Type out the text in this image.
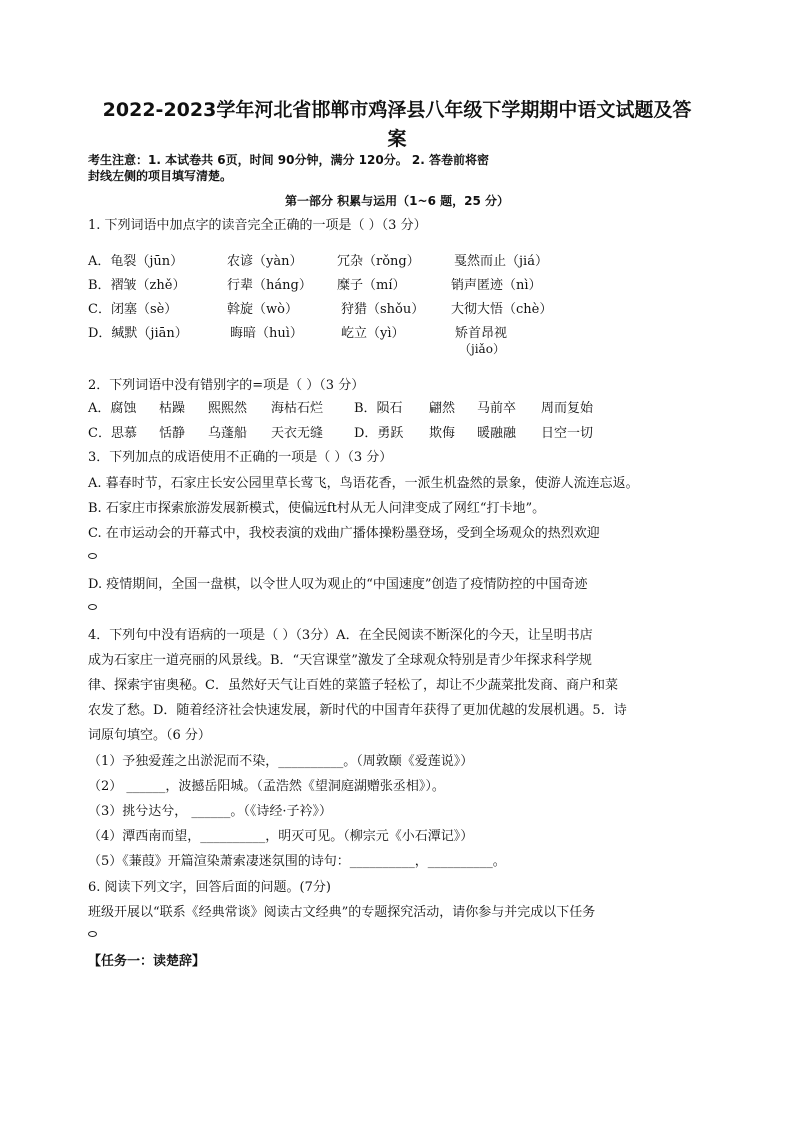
2022-2023学年河北省邯郸市鸡泽县八年级下学期期中语文试题及答
案
考生注意：1. 本试卷共 6页，时间 90分钟，满分 120分。 2. 答卷前将密
封线左侧的项目填写清楚。
第一部分 积累与运用（1~6 题，25 分）
1. 下列词语中加点字的读音完全正确的一项是（ ）（3 分）
A．龟裂（jūn）	农谚（yàn）	冗杂（rǒng）	戛然而止（jiá）
B．褶皱（zhě）	行辈（háng） 糜子（mí）	销声匿迹（nì）
C．闭塞（sè）	斡旋（wò）	狩猎（shǒu） 大彻大悟（chè）
D．缄默（jiān）	晦暗（huì）	屹立（yì）	矫首昂视
（jiǎo）
2．下列词语中没有错别字的=项是（ ）（3 分）
A．腐蚀 枯躁 熙熙然 海枯石烂 B．陨石 翩然 马前卒 周而复始
C．思慕 恬静 乌蓬船 天衣无缝 D．勇跃 欺侮 暖融融 日空一切
3．下列加点的成语使用不正确的一项是（ ）（3 分）
A. 暮春时节，石家庄长安公园里草长莺飞，鸟语花香，一派生机盎然的景象，使游人流连忘返。
B. 石家庄市探索旅游发展新模式，使偏远ft村从无人问津变成了网红“打卡地”。
C. 在市运动会的开幕式中，我校表演的戏曲广播体操粉墨登场，受到全场观众的热烈欢迎
D. 疫情期间，全国一盘棋，以令世人叹为观止的“中国速度”创造了疫情防控的中国奇迹
4．下列句中没有语病的一项是（ ）（3分）A．在全民阅读不断深化的今天，让呈明书店
成为石家庄一道亮丽的风景线。B．“天宫课堂”激发了全球观众特别是青少年探求科学规
律、探索宇宙奥秘。C．虽然好天气让百姓的菜篮子轻松了，却让不少蔬菜批发商、商户和菜
农发了愁。D．随着经济社会快速发展，新时代的中国青年获得了更加优越的发展机遇。5．诗
词原句填空。（6 分）
（1）予独爱莲之出淤泥而不染，__________。（周敦颐《爱莲说》）
（2） ______，波撼岳阳城。（孟浩然《望洞庭湖赠张丞相》）。
（3）挑兮达兮， ______。（《诗经·子衿》）
（4）潭西南而望，__________，明灭可见。（柳宗元《小石潭记》）
（5）《蒹葭》开篇渲染萧索凄迷氛围的诗句：__________，__________。
6. 阅读下列文字，回答后面的问题。(7分)
班级开展以“联系《经典常谈》阅读古文经典”的专题探究活动，请你参与并完成以下任务
【任务一：读楚辞】
